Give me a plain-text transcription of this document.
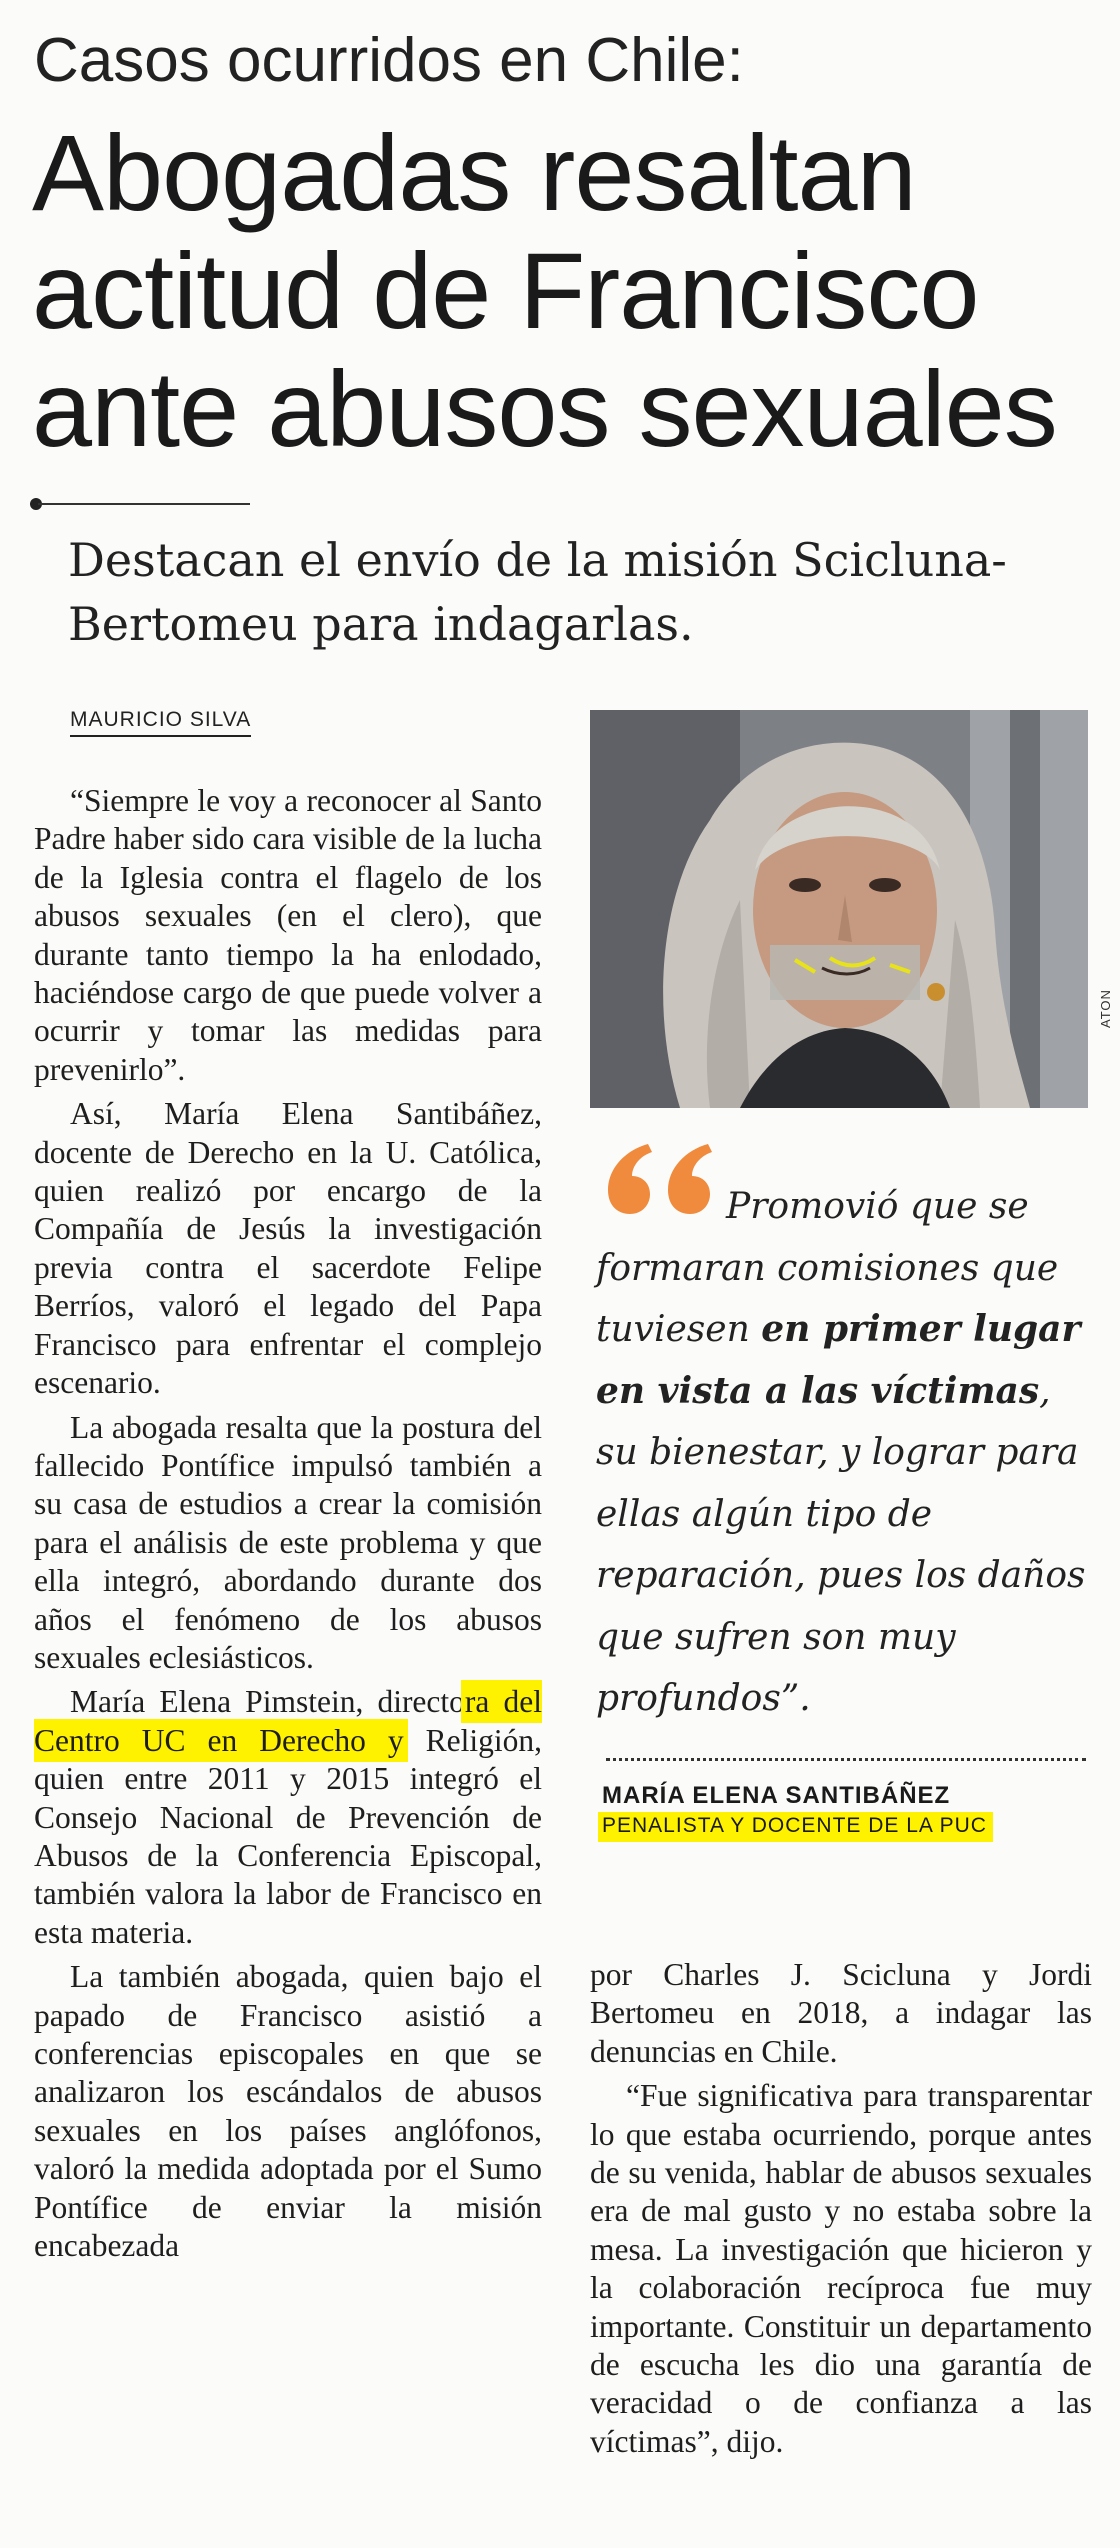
Casos ocurridos en Chile:
Abogadas resaltan actitud de Francisco ante abusos sexuales
Destacan el envío de la misión Scicluna-Bertomeu para indagarlas.
MAURICIO SILVA

“Siempre le voy a reconocer al Santo Padre haber sido cara visible de la lucha de la Iglesia contra el flagelo de los abusos sexuales (en el clero), que durante tanto tiempo la ha enlodado, haciéndose cargo de que puede volver a ocurrir y tomar las medidas para prevenirlo”.

Así, María Elena Santibáñez, docente de Derecho en la U. Católica, quien realizó por encargo de la Compañía de Jesús la investigación previa contra el sacerdote Felipe Berríos, valoró el legado del Papa Francisco para enfrentar el complejo escenario.

La abogada resalta que la postura del fallecido Pontífice impulsó también a su casa de estudios a crear la comisión para el análisis de este problema y que ella integró, abordando durante dos años el fenómeno de los abusos sexuales eclesiásticos.

María Elena Pimstein, directora del Centro UC en Derecho y Religión, quien entre 2011 y 2015 integró el Consejo Nacional de Prevención de Abusos de la Conferencia Episcopal, también valora la labor de Francisco en esta materia.

La también abogada, quien bajo el papado de Francisco asistió a conferencias episcopales en que se analizaron los escándalos de abusos sexuales en los países anglófonos, valoró la medida adoptada por el Sumo Pontífice de enviar la misión encabezada

ATON
Promovió que se formaran comisiones que tuviesen en primer lugar en vista a las víctimas, su bienestar, y lograr para ellas algún tipo de reparación, pues los daños que sufren son muy profundos”.
MARÍA ELENA SANTIBÁÑEZ
PENALISTA Y DOCENTE DE LA PUC

por Charles J. Scicluna y Jordi Bertomeu en 2018, a indagar las denuncias en Chile.

“Fue significativa para transparentar lo que estaba ocurriendo, porque antes de su venida, hablar de abusos sexuales era de mal gusto y no estaba sobre la mesa. La investigación que hicieron y la colaboración recíproca fue muy importante. Constituir un departamento de escucha les dio una garantía de veracidad o de confianza a las víctimas”, dijo.
